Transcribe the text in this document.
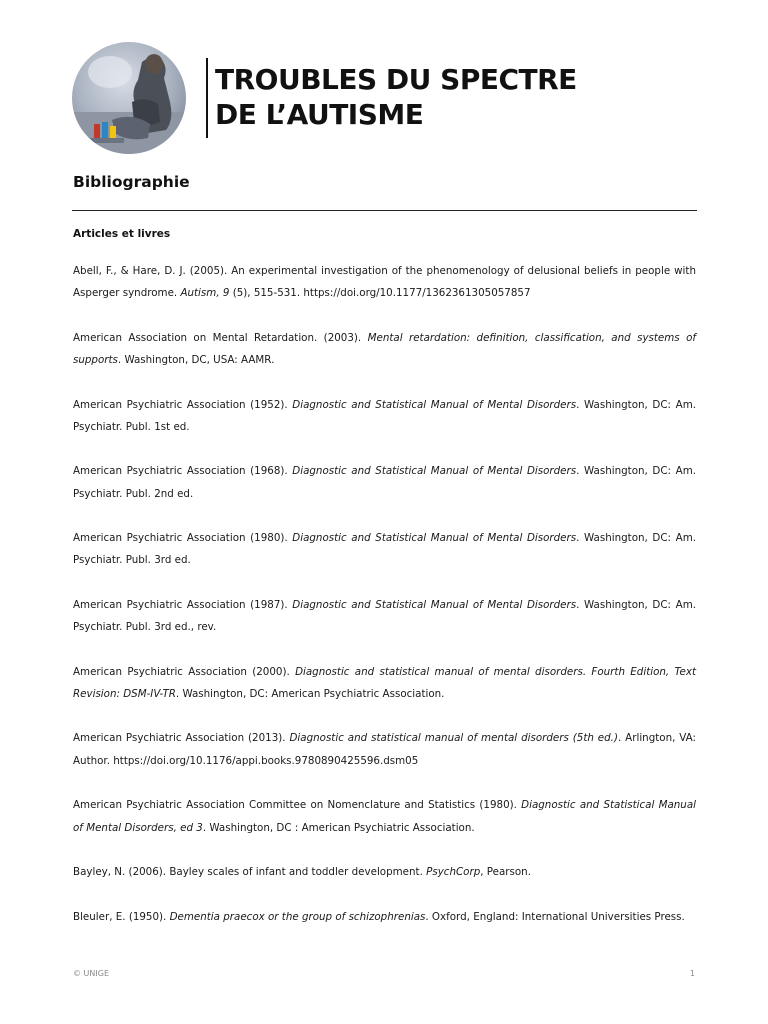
TROUBLES DU SPECTRE
DE L’AUTISME
Bibliographie
Articles et livres
Abell, F., & Hare, D. J. (2005). An experimental investigation of the phenomenology of delusional beliefs in people with Asperger syndrome. Autism, 9 (5), 515-531. https://doi.org/10.1177/1362361305057857
American Association on Mental Retardation. (2003). Mental retardation: definition, classification, and systems of supports. Washington, DC, USA: AAMR.
American Psychiatric Association (1952). Diagnostic and Statistical Manual of Mental Disorders. Washington, DC: Am. Psychiatr. Publ. 1st ed.
American Psychiatric Association (1968). Diagnostic and Statistical Manual of Mental Disorders. Washington, DC: Am. Psychiatr. Publ. 2nd ed.
American Psychiatric Association (1980). Diagnostic and Statistical Manual of Mental Disorders. Washington, DC: Am. Psychiatr. Publ. 3rd ed.
American Psychiatric Association (1987). Diagnostic and Statistical Manual of Mental Disorders. Washington, DC: Am. Psychiatr. Publ. 3rd ed., rev.
American Psychiatric Association (2000). Diagnostic and statistical manual of mental disorders. Fourth Edition, Text Revision: DSM-IV-TR. Washington, DC: American Psychiatric Association.
American Psychiatric Association (2013). Diagnostic and statistical manual of mental disorders (5th ed.). Arlington, VA: Author. https://doi.org/10.1176/appi.books.9780890425596.dsm05
American Psychiatric Association Committee on Nomenclature and Statistics (1980). Diagnostic and Statistical Manual of Mental Disorders, ed 3. Washington, DC : American Psychiatric Association.
Bayley, N. (2006). Bayley scales of infant and toddler development. PsychCorp, Pearson.
Bleuler, E. (1950). Dementia praecox or the group of schizophrenias. Oxford, England: International Universities Press.
© UNIGE	1
